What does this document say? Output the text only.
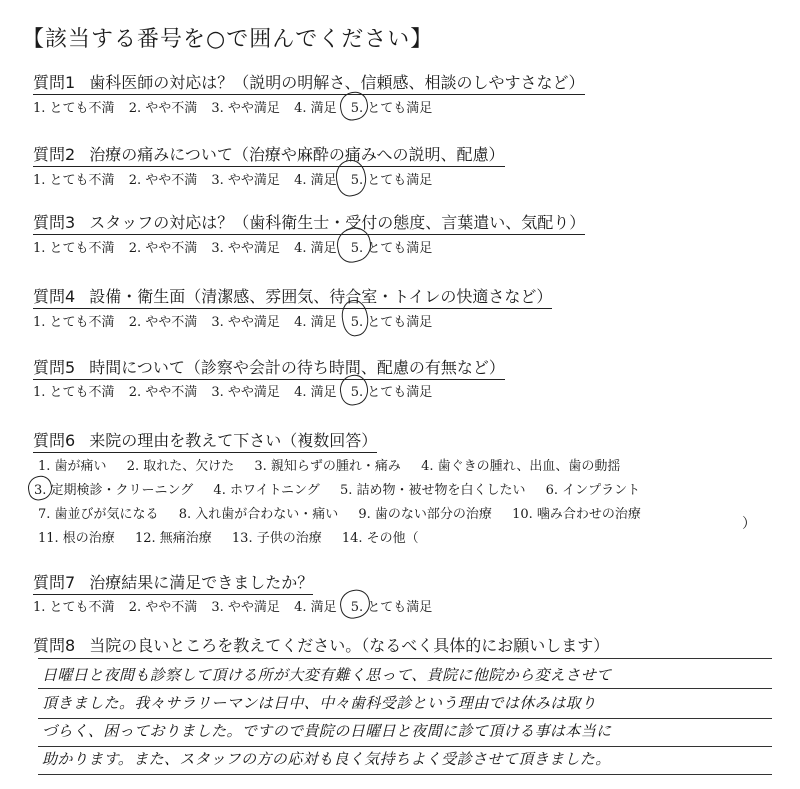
【該当する番号を○で囲んでください】
質問1 歯科医師の対応は？（説明の明解さ、信頼感、相談のしやすさなど）
1. とても不満 2. やや不満 3. やや満足 4. 満足 5. とても満足
質問2 治療の痛みについて（治療や麻酔の痛みへの説明、配慮）
1. とても不満 2. やや不満 3. やや満足 4. 満足 5. とても満足
質問3 スタッフの対応は？（歯科衛生士・受付の態度、言葉遣い、気配り）
1. とても不満 2. やや不満 3. やや満足 4. 満足 5. とても満足
質問4 設備・衛生面（清潔感、雰囲気、待合室・トイレの快適さなど）
1. とても不満 2. やや不満 3. やや満足 4. 満足 5. とても満足
質問5 時間について（診察や会計の待ち時間、配慮の有無など）
1. とても不満 2. やや不満 3. やや満足 4. 満足 5. とても満足
質問6 来院の理由を教えて下さい（複数回答）
1. 歯が痛い 2. 取れた、欠けた 3. 親知らずの腫れ・痛み 4. 歯ぐきの腫れ、出血、歯の動揺
3. 定期検診・クリーニング 4. ホワイトニング 5. 詰め物・被せ物を白くしたい 6. インプラント
7. 歯並びが気になる 8. 入れ歯が合わない・痛い 9. 歯のない部分の治療 10. 噛み合わせの治療
11. 根の治療 12. 無痛治療 13. 子供の治療 14. その他（
）
質問7 治療結果に満足できましたか？
1. とても不満 2. やや不満 3. やや満足 4. 満足 5. とても満足
質問8 当院の良いところを教えてください。（なるべく具体的にお願いします）
日曜日と夜間も診察して頂ける所が大変有難く思って、貴院に他院から変えさせて
頂きました。我々サラリーマンは日中、中々歯科受診という理由では休みは取り
づらく、困っておりました。ですので貴院の日曜日と夜間に診て頂ける事は本当に
助かります。また、スタッフの方の応対も良く気持ちよく受診させて頂きました。
